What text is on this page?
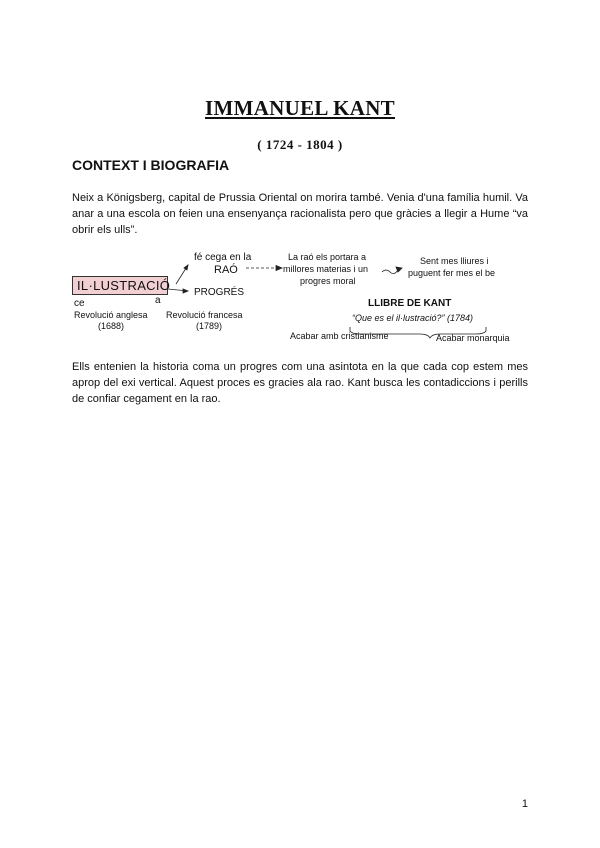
IMMANUEL KANT
( 1724 - 1804 )
CONTEXT I BIOGRAFIA
Neix a Königsberg, capital de Prussia Oriental on morira també. Venia d'una família humil. Va anar a una escola on feien una ensenyança racionalista pero que gràcies a llegir a Hume “va obrir els ulls”.
IL·LUSTRACIÓ
fé cega en la
RAÓ
PROGRÉS
ce	a
Revolució anglesa
(1688)
Revolució francesa
(1789)
La raó els portara a
millores materias i un
progres moral
Sent mes lliures i
puguent fer mes el be
LLIBRE DE KANT
“Que es el il·lustració?” (1784)
Acabar amb cristianisme	Acabar monarquia
Ells entenien la historia coma un progres com una asintota en la que cada cop estem mes aprop del exi vertical. Aquest proces es gracies ala rao. Kant busca les contadiccions i perills de confiar cegament en la rao.
1
